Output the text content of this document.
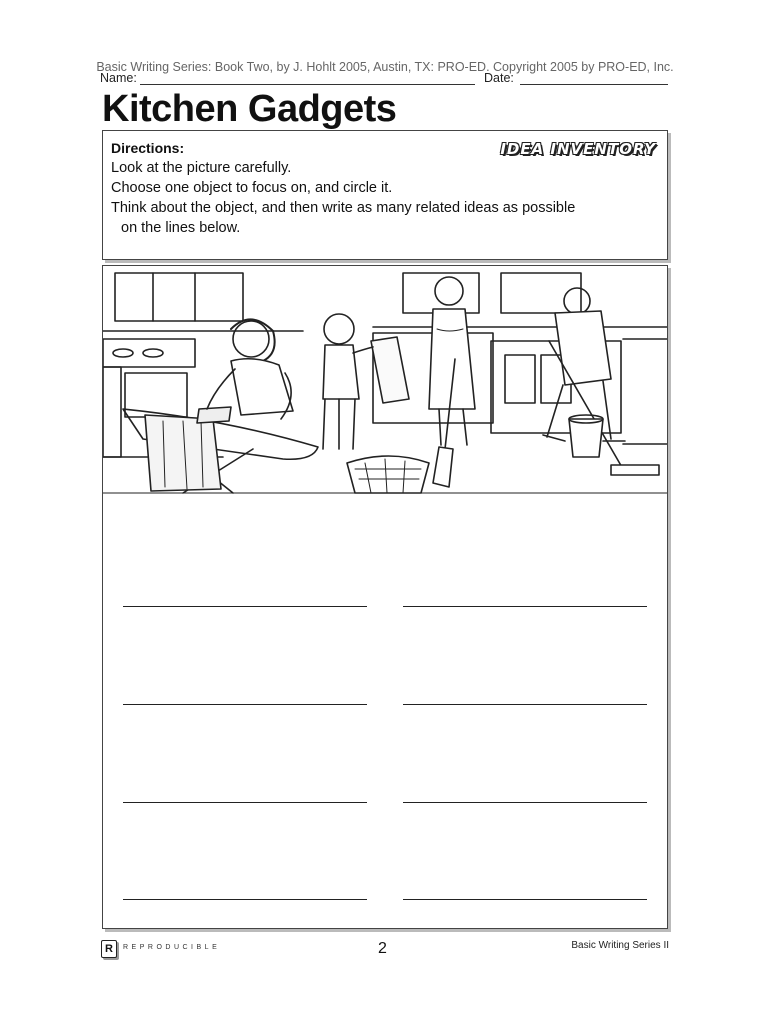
Basic Writing Series: Book Two, by J. Hohlt 2005, Austin, TX: PRO-ED. Copyright 2005 by PRO-ED, Inc.
Name:	Date:
Kitchen Gadgets
Directions:	IDEA INVENTORY
Look at the picture carefully.
Choose one object to focus on, and circle it.
Think about the object, and then write as many related ideas as possible
on the lines below.
R	REPRODUCIBLE	2	Basic Writing Series II
